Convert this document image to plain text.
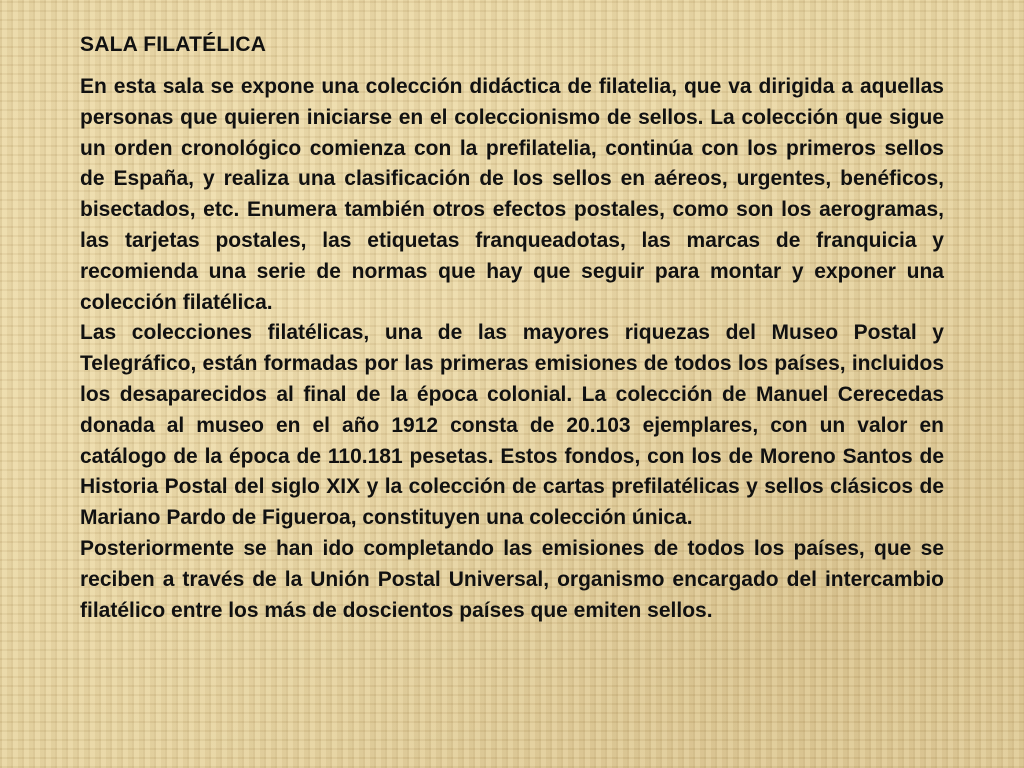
SALA FILATÉLICA

En esta sala se expone una colección didáctica de filatelia, que va dirigida a aquellas personas que quieren iniciarse en el coleccionismo de sellos. La colección que sigue un orden cronológico comienza con la prefilatelia, continúa con los primeros sellos de España, y realiza una clasificación de los sellos en aéreos, urgentes, benéficos, bisectados, etc. Enumera también otros efectos postales, como son los aerogramas, las tarjetas postales, las etiquetas franqueadotas, las marcas de franquicia y recomienda una serie de normas que hay que seguir para montar y exponer una colección filatélica.

Las colecciones filatélicas, una de las mayores riquezas del Museo Postal y Telegráfico, están formadas por las primeras emisiones de todos los países, incluidos los desaparecidos al final de la época colonial. La colección de Manuel Cerecedas donada al museo en el año 1912 consta de 20.103 ejemplares, con un valor en catálogo de la época de 110.181 pesetas. Estos fondos, con los de Moreno Santos de Historia Postal del siglo XIX y la colección de cartas prefilatélicas y sellos clásicos de Mariano Pardo de Figueroa, constituyen una colección única.

Posteriormente se han ido completando las emisiones de todos los países, que se reciben a través de la Unión Postal Universal, organismo encargado del intercambio filatélico entre los más de doscientos países que emiten sellos.
